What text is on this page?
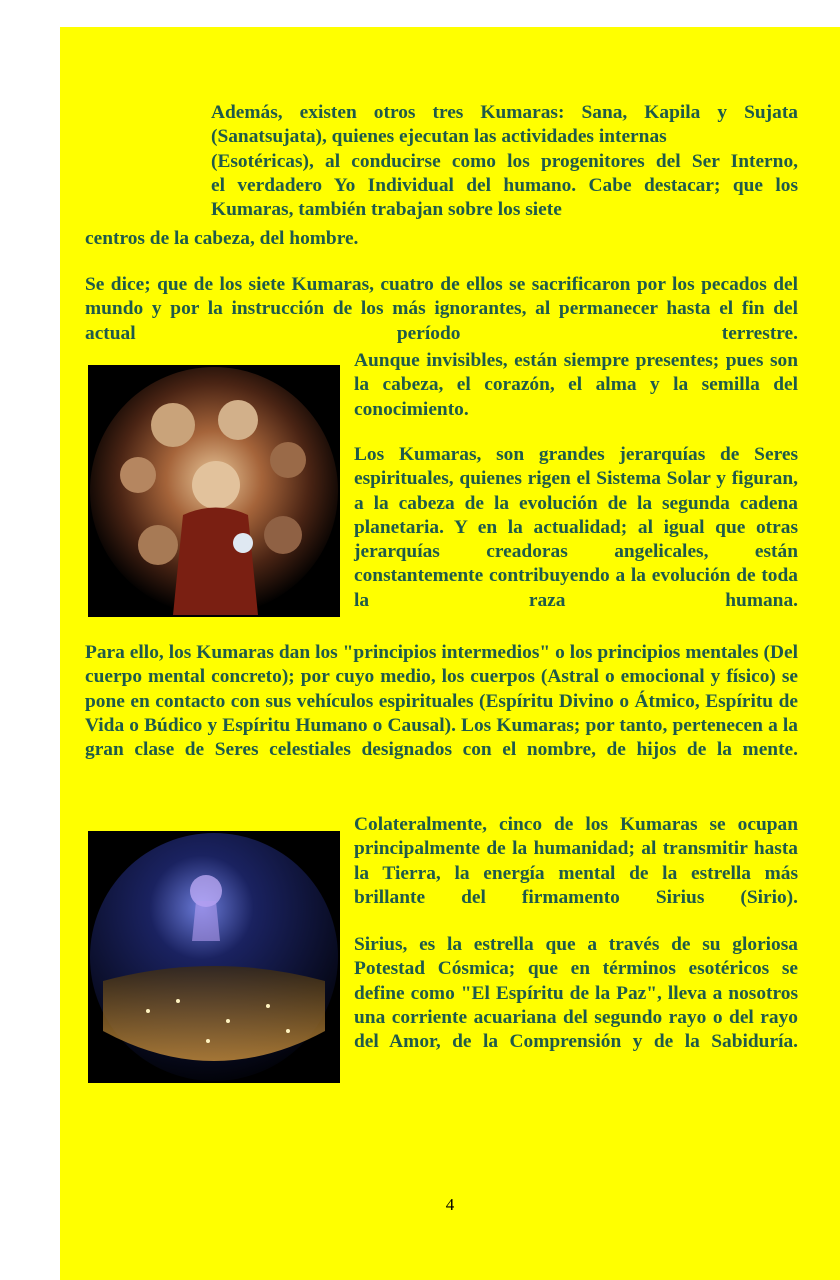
Además, existen otros tres Kumaras: Sana, Kapila y Sujata
(Sanatsujata), quienes ejecutan las actividades internas
(Esotéricas), al conducirse como los progenitores del Ser Interno,
el verdadero Yo Individual del humano. Cabe destacar; que los
Kumaras, también trabajan sobre los siete

centros de la cabeza, del hombre.

Se dice; que de los siete Kumaras, cuatro de ellos se sacrificaron por los pecados del mundo y por la instrucción de los más ignorantes, al permanecer hasta el fin del actual período terrestre.

Aunque invisibles, están siempre presentes; pues son la cabeza, el corazón, el alma y la semilla del conocimiento.

Los Kumaras, son grandes jerarquías de Seres espirituales, quienes rigen el Sistema Solar y figuran, a la cabeza de la evolución de la segunda cadena planetaria. Y en la actualidad; al igual que otras jerarquías creadoras angelicales, están constantemente contribuyendo a la evolución de toda la raza humana.

Para ello, los Kumaras dan los "principios intermedios" o los principios mentales (Del cuerpo mental concreto); por cuyo medio, los cuerpos (Astral o emocional y físico) se pone en contacto con sus vehículos espirituales (Espíritu Divino o Átmico, Espíritu de Vida o Búdico y Espíritu Humano o Causal). Los Kumaras; por tanto, pertenecen a la gran clase de Seres celestiales designados con el nombre, de hijos de la mente.

Colateralmente, cinco de los Kumaras se ocupan principalmente de la humanidad; al transmitir hasta la Tierra, la energía mental de la estrella más brillante del firmamento Sirius (Sirio).

Sirius, es la estrella que a través de su gloriosa Potestad Cósmica; que en términos esotéricos se define como "El Espíritu de la Paz", lleva a nosotros una corriente acuariana del segundo rayo o del rayo del Amor, de la Comprensión y de la Sabiduría.

4
